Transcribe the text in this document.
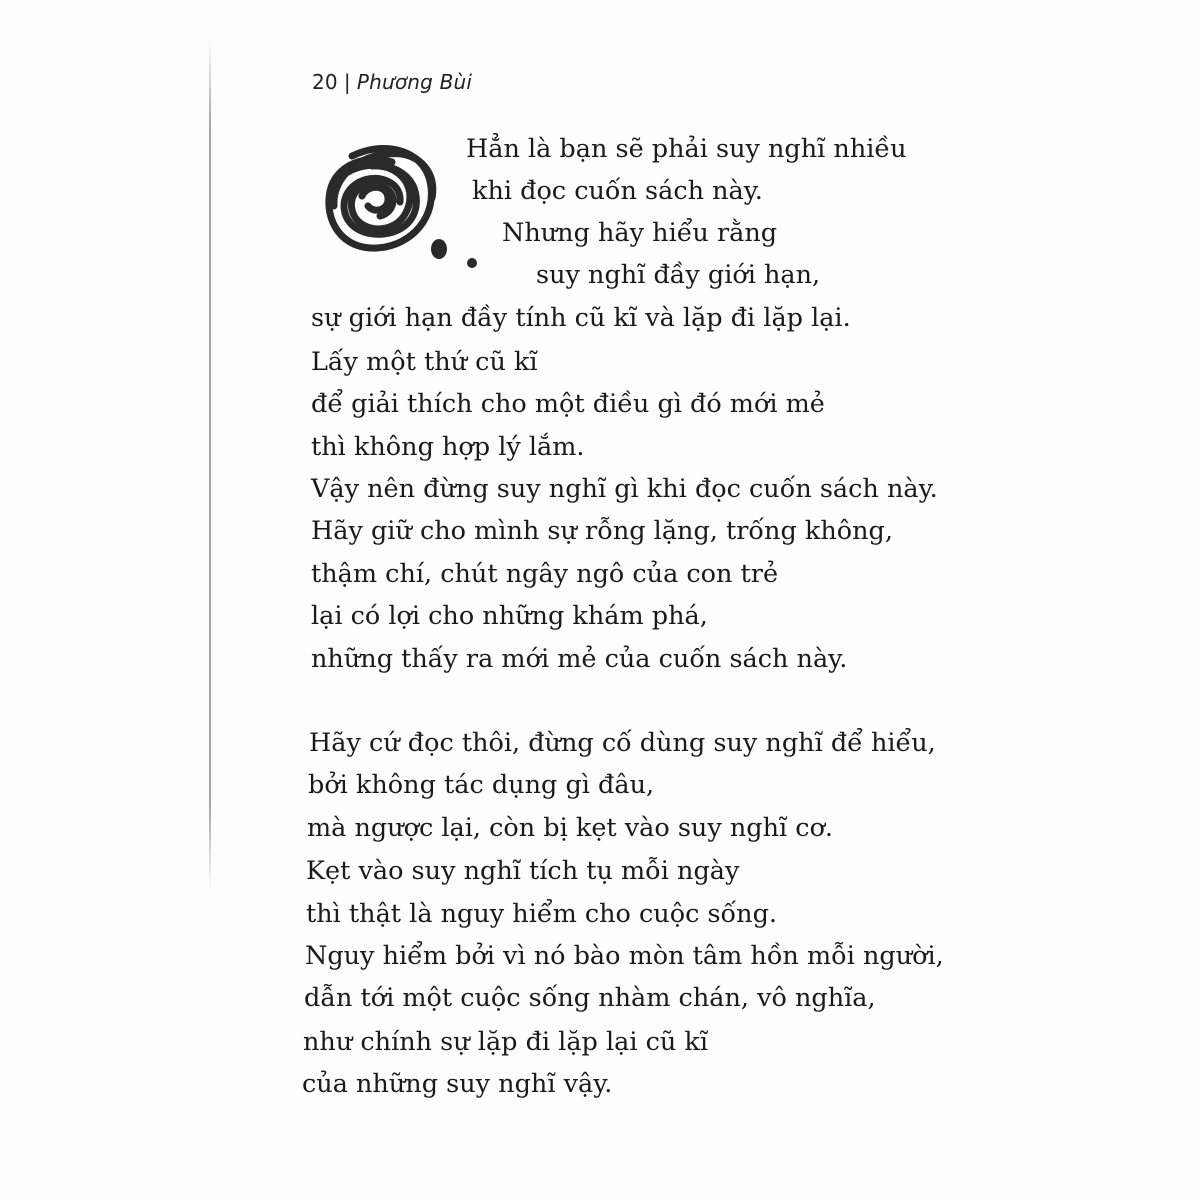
20 | Phương Bùi
Hẳn là bạn sẽ phải suy nghĩ nhiều
khi đọc cuốn sách này.
Nhưng hãy hiểu rằng
suy nghĩ đầy giới hạn,
sự giới hạn đầy tính cũ kĩ và lặp đi lặp lại.
Lấy một thứ cũ kĩ
để giải thích cho một điều gì đó mới mẻ
thì không hợp lý lắm.
Vậy nên đừng suy nghĩ gì khi đọc cuốn sách này.
Hãy giữ cho mình sự rỗng lặng, trống không,
thậm chí, chút ngây ngô của con trẻ
lại có lợi cho những khám phá,
những thấy ra mới mẻ của cuốn sách này.
Hãy cứ đọc thôi, đừng cố dùng suy nghĩ để hiểu,
bởi không tác dụng gì đâu,
mà ngược lại, còn bị kẹt vào suy nghĩ cơ.
Kẹt vào suy nghĩ tích tụ mỗi ngày
thì thật là nguy hiểm cho cuộc sống.
Nguy hiểm bởi vì nó bào mòn tâm hồn mỗi người,
dẫn tới một cuộc sống nhàm chán, vô nghĩa,
như chính sự lặp đi lặp lại cũ kĩ
của những suy nghĩ vậy.
